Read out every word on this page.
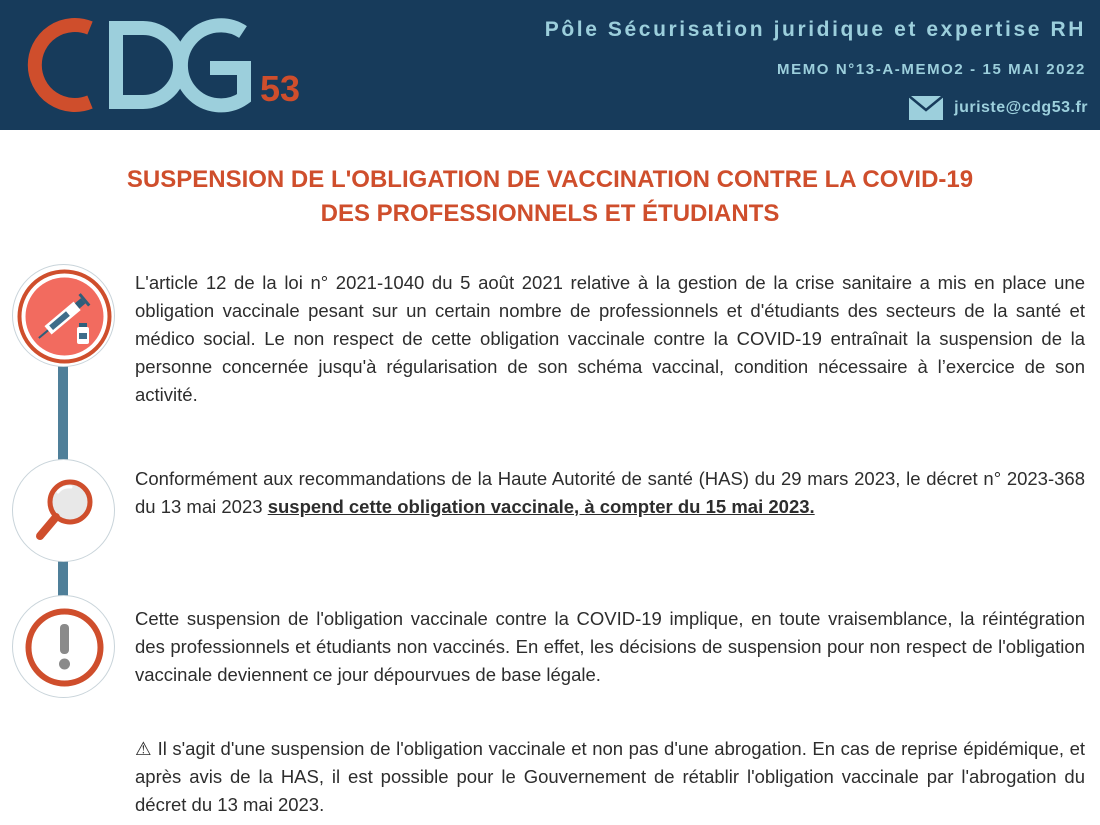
53
Pôle Sécurisation juridique et expertise RH
MEMO N°13-A-MEMO2 - 15 MAI 2022
juriste@cdg53.fr
SUSPENSION DE L'OBLIGATION DE VACCINATION CONTRE LA COVID-19
DES PROFESSIONNELS ET ÉTUDIANTS

L'article 12 de la loi n° 2021-1040 du 5 août 2021 relative à la gestion de la crise sanitaire a mis en place une obligation vaccinale pesant sur un certain nombre de professionnels et d'étudiants des secteurs de la santé et médico social. Le non respect de cette obligation vaccinale contre la COVID-19 entraînait la suspension de la personne concernée jusqu'à régularisation de son schéma vaccinal, condition nécessaire à l’exercice de son activité.

Conformément aux recommandations de la Haute Autorité de santé (HAS) du 29 mars 2023, le décret n° 2023-368 du 13 mai 2023 suspend cette obligation vaccinale, à compter du 15 mai 2023.

Cette suspension de l'obligation vaccinale contre la COVID-19 implique, en toute vraisemblance, la réintégration des professionnels et étudiants non vaccinés. En effet, les décisions de suspension pour non respect de l'obligation vaccinale deviennent ce jour dépourvues de base légale.

⚠ Il s'agit d'une suspension de l'obligation vaccinale et non pas d'une abrogation. En cas de reprise épidémique, et après avis de la HAS, il est possible pour le Gouvernement de rétablir l'obligation vaccinale par l'abrogation du décret du 13 mai 2023.
